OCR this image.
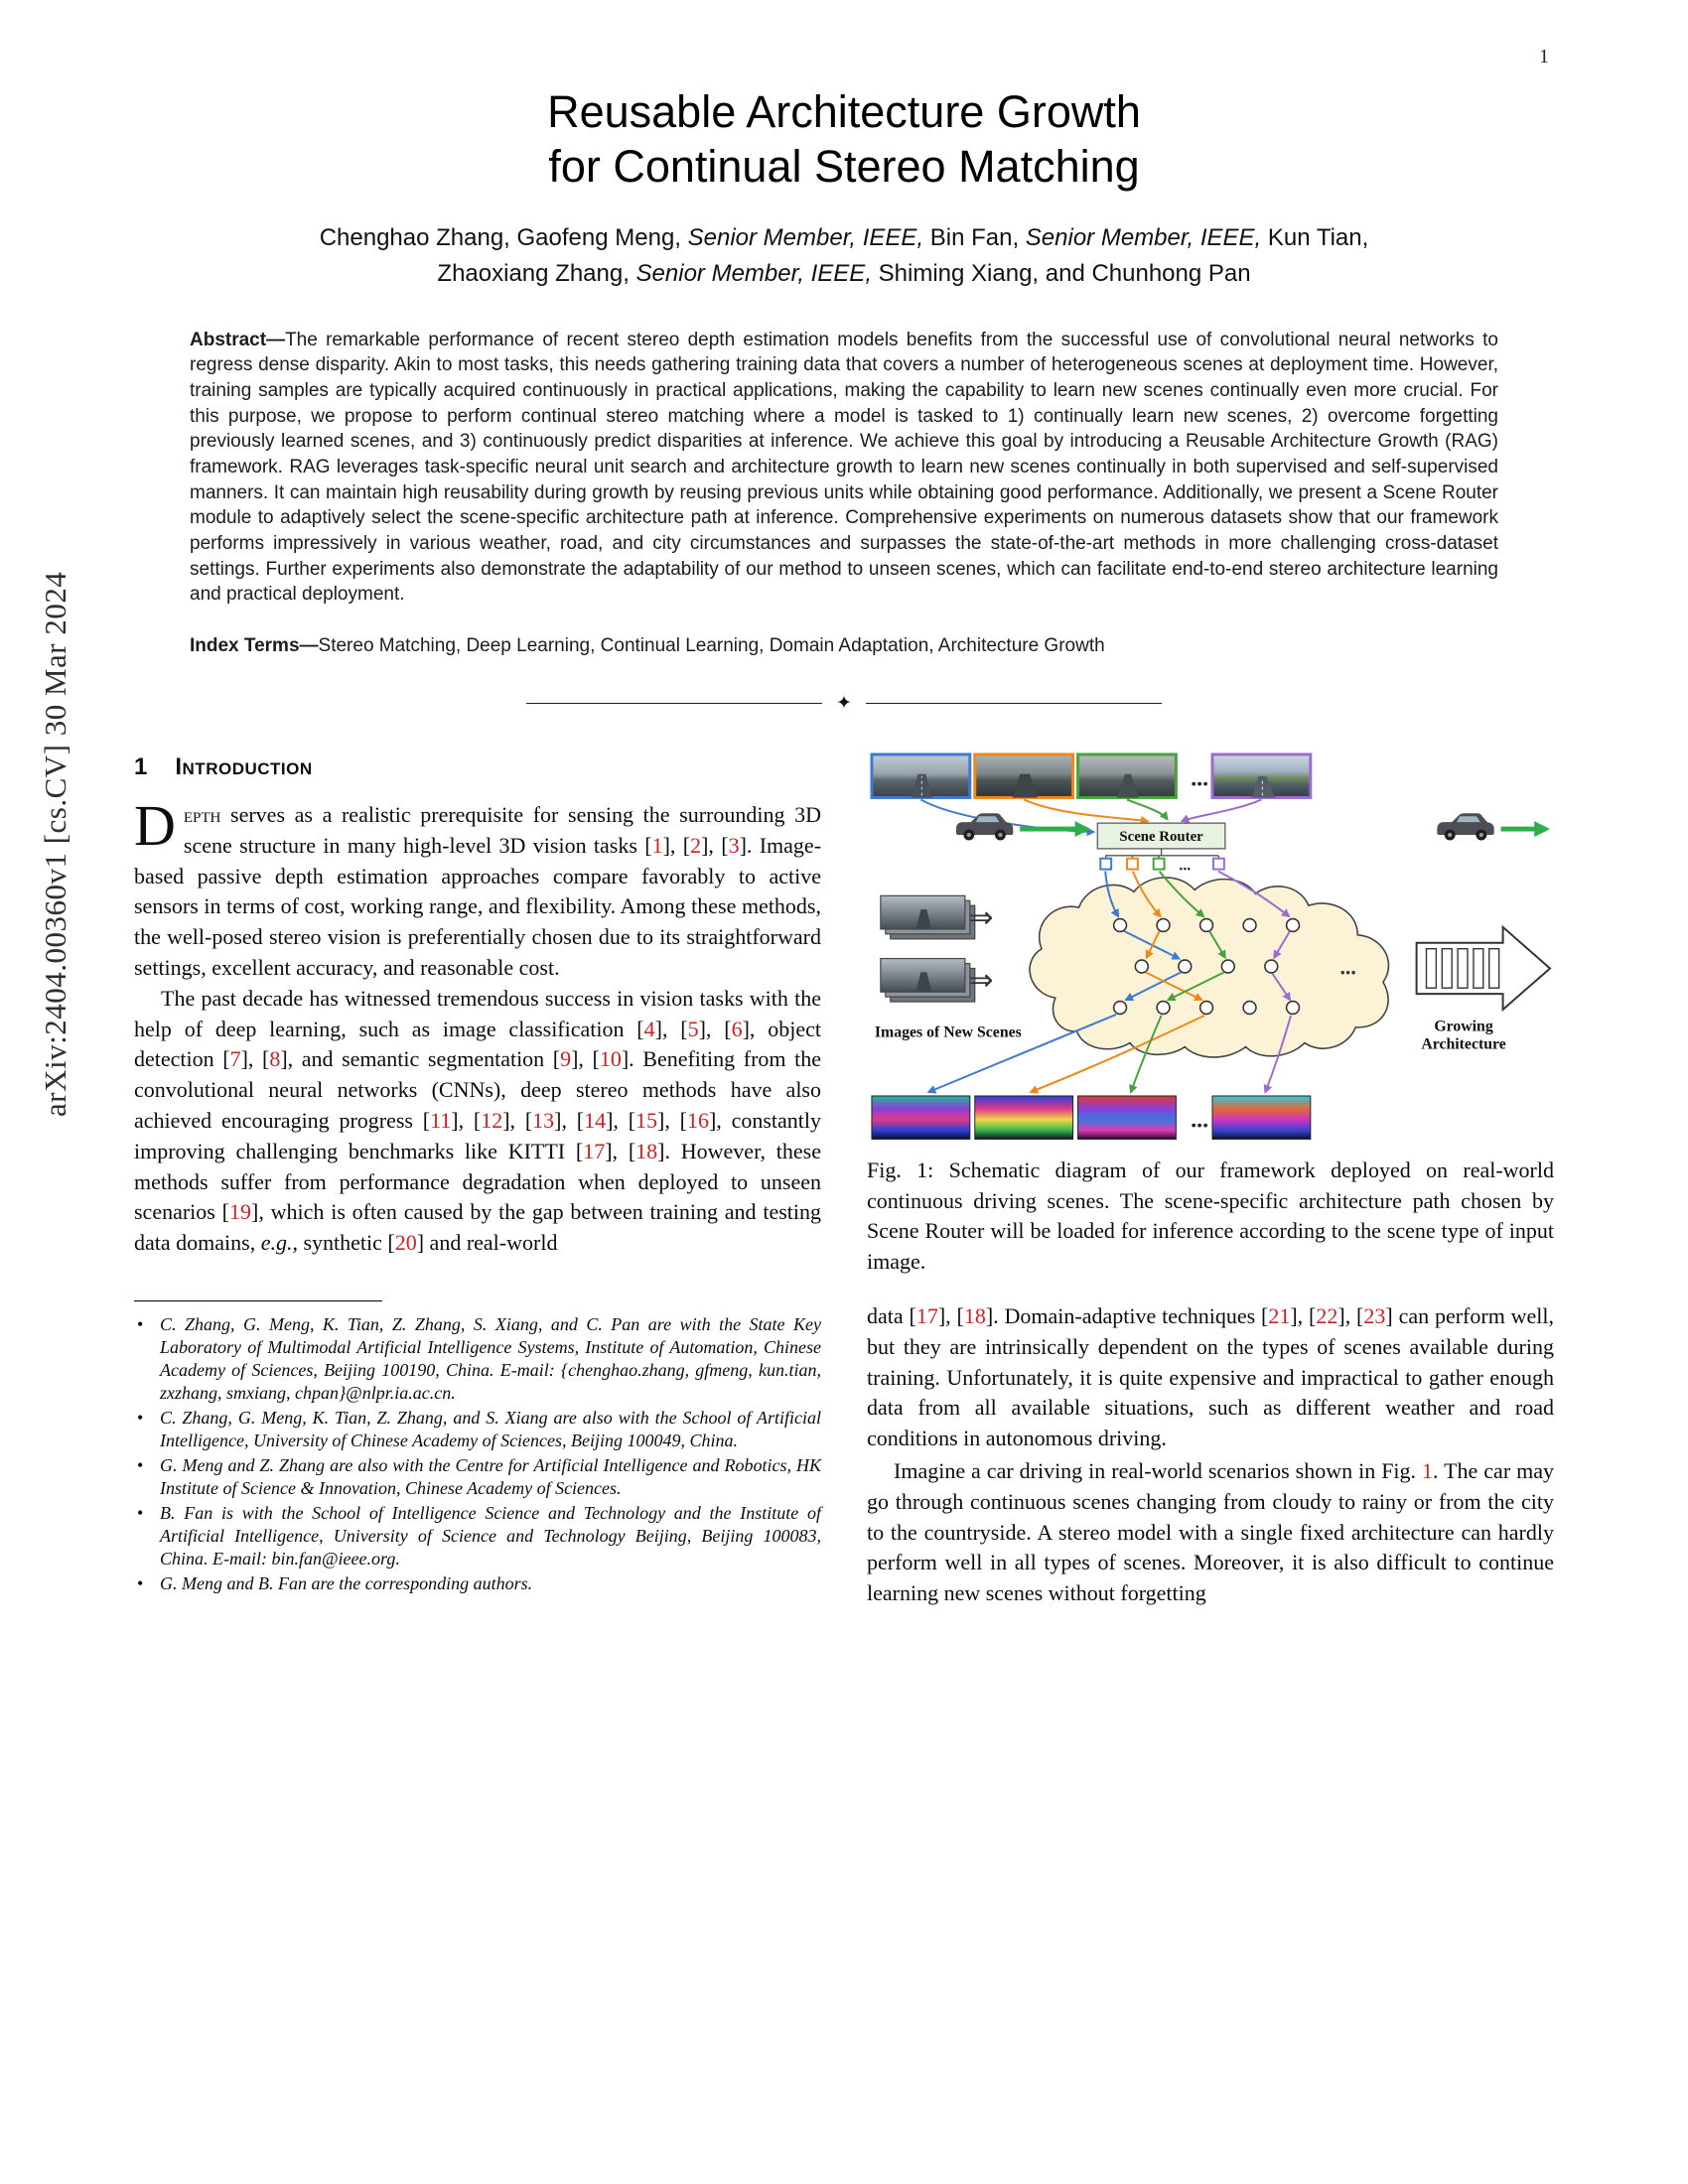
1
arXiv:2404.00360v1 [cs.CV] 30 Mar 2024
Reusable Architecture Growth
for Continual Stereo Matching
Chenghao Zhang, Gaofeng Meng, Senior Member, IEEE, Bin Fan, Senior Member, IEEE, Kun Tian,
Zhaoxiang Zhang, Senior Member, IEEE, Shiming Xiang, and Chunhong Pan
Abstract—The remarkable performance of recent stereo depth estimation models benefits from the successful use of convolutional neural networks to regress dense disparity. Akin to most tasks, this needs gathering training data that covers a number of heterogeneous scenes at deployment time. However, training samples are typically acquired continuously in practical applications, making the capability to learn new scenes continually even more crucial. For this purpose, we propose to perform continual stereo matching where a model is tasked to 1) continually learn new scenes, 2) overcome forgetting previously learned scenes, and 3) continuously predict disparities at inference. We achieve this goal by introducing a Reusable Architecture Growth (RAG) framework. RAG leverages task-specific neural unit search and architecture growth to learn new scenes continually in both supervised and self-supervised manners. It can maintain high reusability during growth by reusing previous units while obtaining good performance. Additionally, we present a Scene Router module to adaptively select the scene-specific architecture path at inference. Comprehensive experiments on numerous datasets show that our framework performs impressively in various weather, road, and city circumstances and surpasses the state-of-the-art methods in more challenging cross-dataset settings. Further experiments also demonstrate the adaptability of our method to unseen scenes, which can facilitate end-to-end stereo architecture learning and practical deployment.
Index Terms—Stereo Matching, Deep Learning, Continual Learning, Domain Adaptation, Architecture Growth
✦
1 Introduction

Depth serves as a realistic prerequisite for sensing the surrounding 3D scene structure in many high-level 3D vision tasks [1], [2], [3]. Image-based passive depth estimation approaches compare favorably to active sensors in terms of cost, working range, and flexibility. Among these methods, the well-posed stereo vision is preferentially chosen due to its straightforward settings, excellent accuracy, and reasonable cost.

The past decade has witnessed tremendous success in vision tasks with the help of deep learning, such as image classification [4], [5], [6], object detection [7], [8], and semantic segmentation [9], [10]. Benefiting from the convolutional neural networks (CNNs), deep stereo methods have also achieved encouraging progress [11], [12], [13], [14], [15], [16], constantly improving challenging benchmarks like KITTI [17], [18]. However, these methods suffer from performance degradation when deployed to unseen scenarios [19], which is often caused by the gap between training and testing data domains, e.g., synthetic [20] and real-world

• C. Zhang, G. Meng, K. Tian, Z. Zhang, S. Xiang, and C. Pan are with the State Key Laboratory of Multimodal Artificial Intelligence Systems, Institute of Automation, Chinese Academy of Sciences, Beijing 100190, China. E-mail: {chenghao.zhang, gfmeng, kun.tian, zxzhang, smxiang, chpan}@nlpr.ia.ac.cn.
• C. Zhang, G. Meng, K. Tian, Z. Zhang, and S. Xiang are also with the School of Artificial Intelligence, University of Chinese Academy of Sciences, Beijing 100049, China.
• G. Meng and Z. Zhang are also with the Centre for Artificial Intelligence and Robotics, HK Institute of Science & Innovation, Chinese Academy of Sciences.
• B. Fan is with the School of Intelligence Science and Technology and the Institute of Artificial Intelligence, University of Science and Technology Beijing, Beijing 100083, China. E-mail: bin.fan@ieee.org.
• G. Meng and B. Fan are the corresponding authors.
...
Scene Router
...
⇒
⇒
Images of New Scenes
...
Growing
Architecture
...

Fig. 1: Schematic diagram of our framework deployed on real-world continuous driving scenes. The scene-specific architecture path chosen by Scene Router will be loaded for inference according to the scene type of input image.

data [17], [18]. Domain-adaptive techniques [21], [22], [23] can perform well, but they are intrinsically dependent on the types of scenes available during training. Unfortunately, it is quite expensive and impractical to gather enough data from all available situations, such as different weather and road conditions in autonomous driving.

Imagine a car driving in real-world scenarios shown in Fig. 1. The car may go through continuous scenes changing from cloudy to rainy or from the city to the countryside. A stereo model with a single fixed architecture can hardly perform well in all types of scenes. Moreover, it is also difficult to continue learning new scenes without forgetting
